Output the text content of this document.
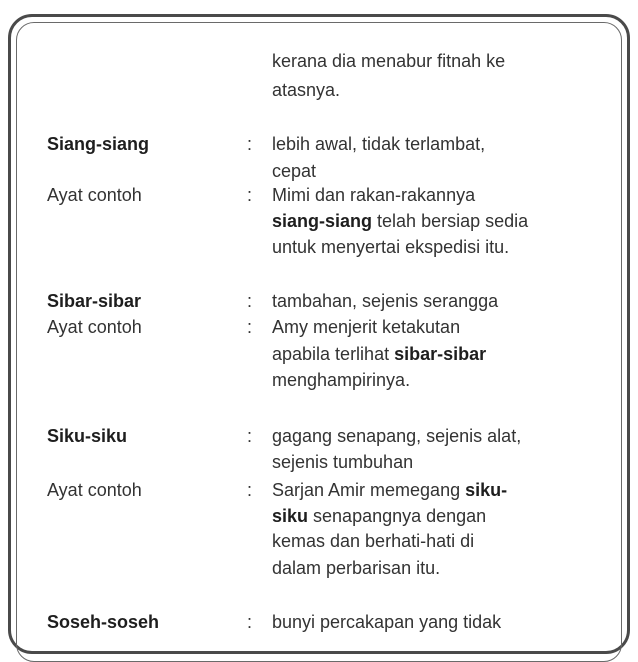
kerana dia menabur fitnah ke
atasnya.
Siang-siang	: lebih awal, tidak terlambat,
cepat
Ayat contoh	: Mimi dan rakan-rakannya
siang-siang telah bersiap sedia
untuk menyertai ekspedisi itu.
Sibar-sibar	: tambahan, sejenis serangga
Ayat contoh	: Amy menjerit ketakutan
apabila terlihat sibar-sibar
menghampirinya.
Siku-siku	: gagang senapang, sejenis alat,
sejenis tumbuhan
Ayat contoh	: Sarjan Amir memegang siku-
siku senapangnya dengan
kemas dan berhati-hati di
dalam perbarisan itu.
Soseh-soseh	: bunyi percakapan yang tidak
